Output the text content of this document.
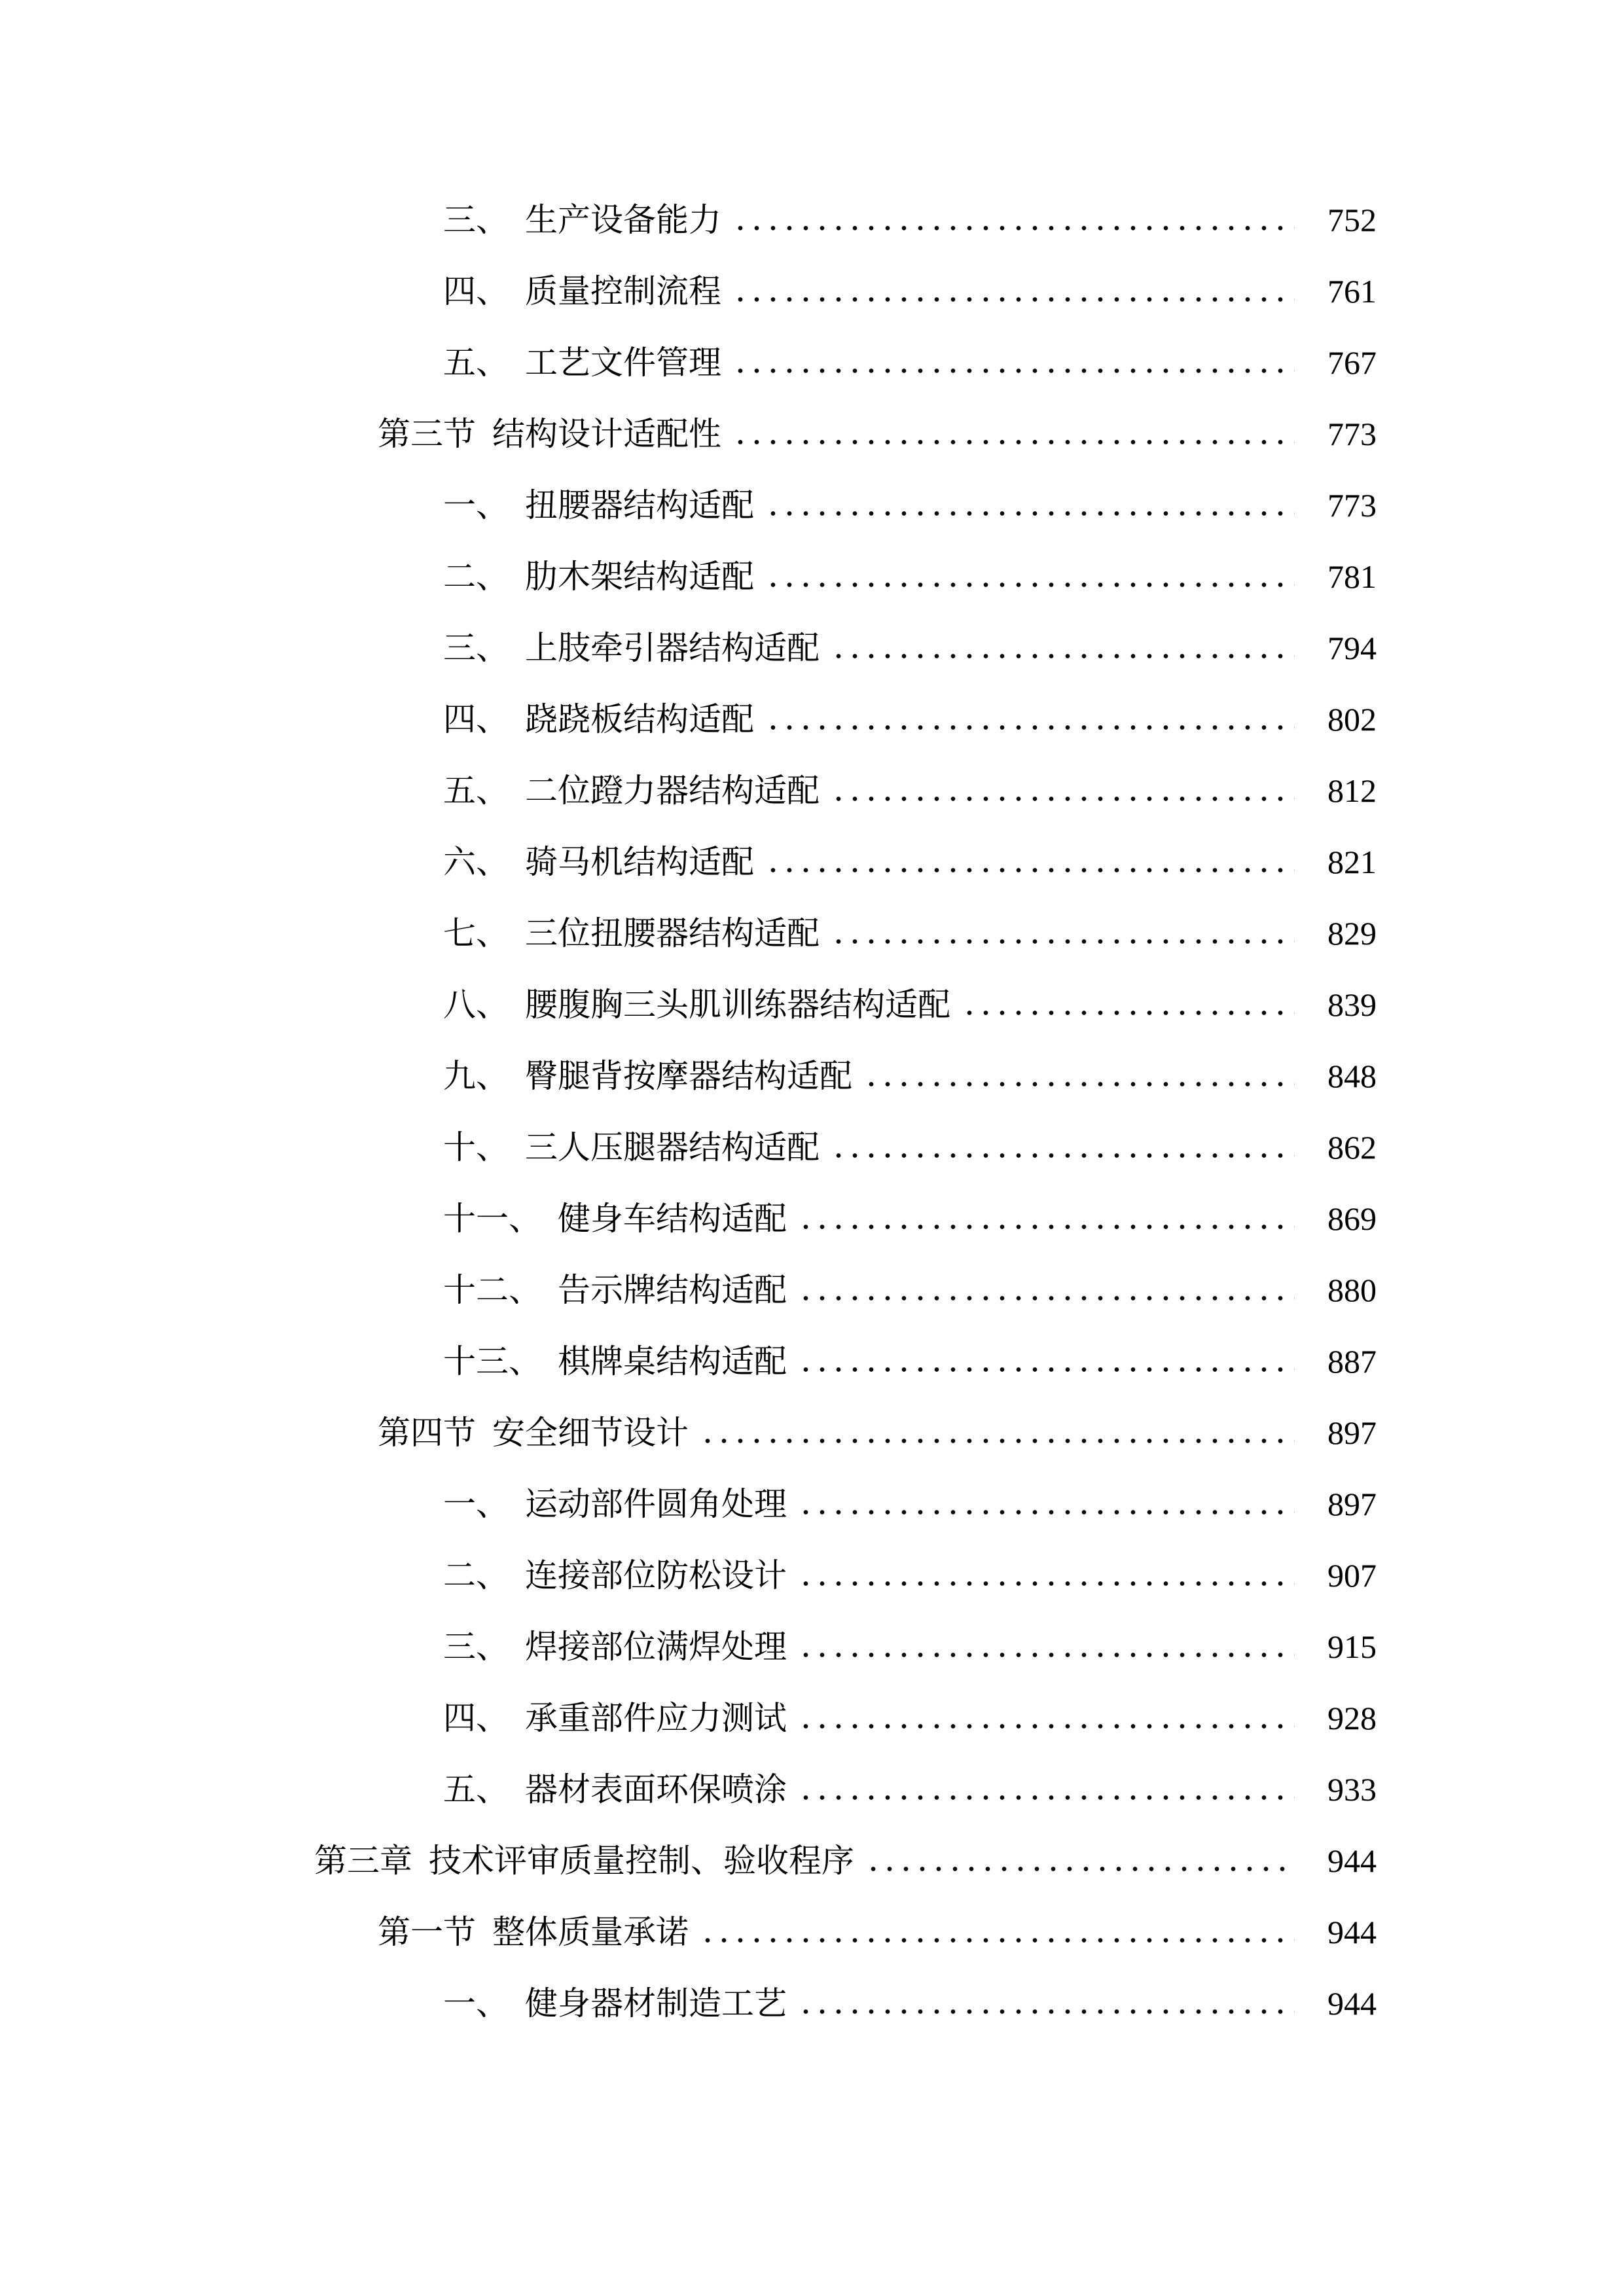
三、 生产设备能力	752
四、 质量控制流程	761
五、 工艺文件管理	767
第三节 结构设计适配性	773
一、 扭腰器结构适配	773
二、 肋木架结构适配	781
三、 上肢牵引器结构适配	794
四、 跷跷板结构适配	802
五、 二位蹬力器结构适配	812
六、 骑马机结构适配	821
七、 三位扭腰器结构适配	829
八、 腰腹胸三头肌训练器结构适配	839
九、 臀腿背按摩器结构适配	848
十、 三人压腿器结构适配	862
十一、 健身车结构适配	869
十二、 告示牌结构适配	880
十三、 棋牌桌结构适配	887
第四节 安全细节设计	897
一、 运动部件圆角处理	897
二、 连接部位防松设计	907
三、 焊接部位满焊处理	915
四、 承重部件应力测试	928
五、 器材表面环保喷涂	933
第三章 技术评审质量控制、验收程序	944
第一节 整体质量承诺	944
一、 健身器材制造工艺	944
